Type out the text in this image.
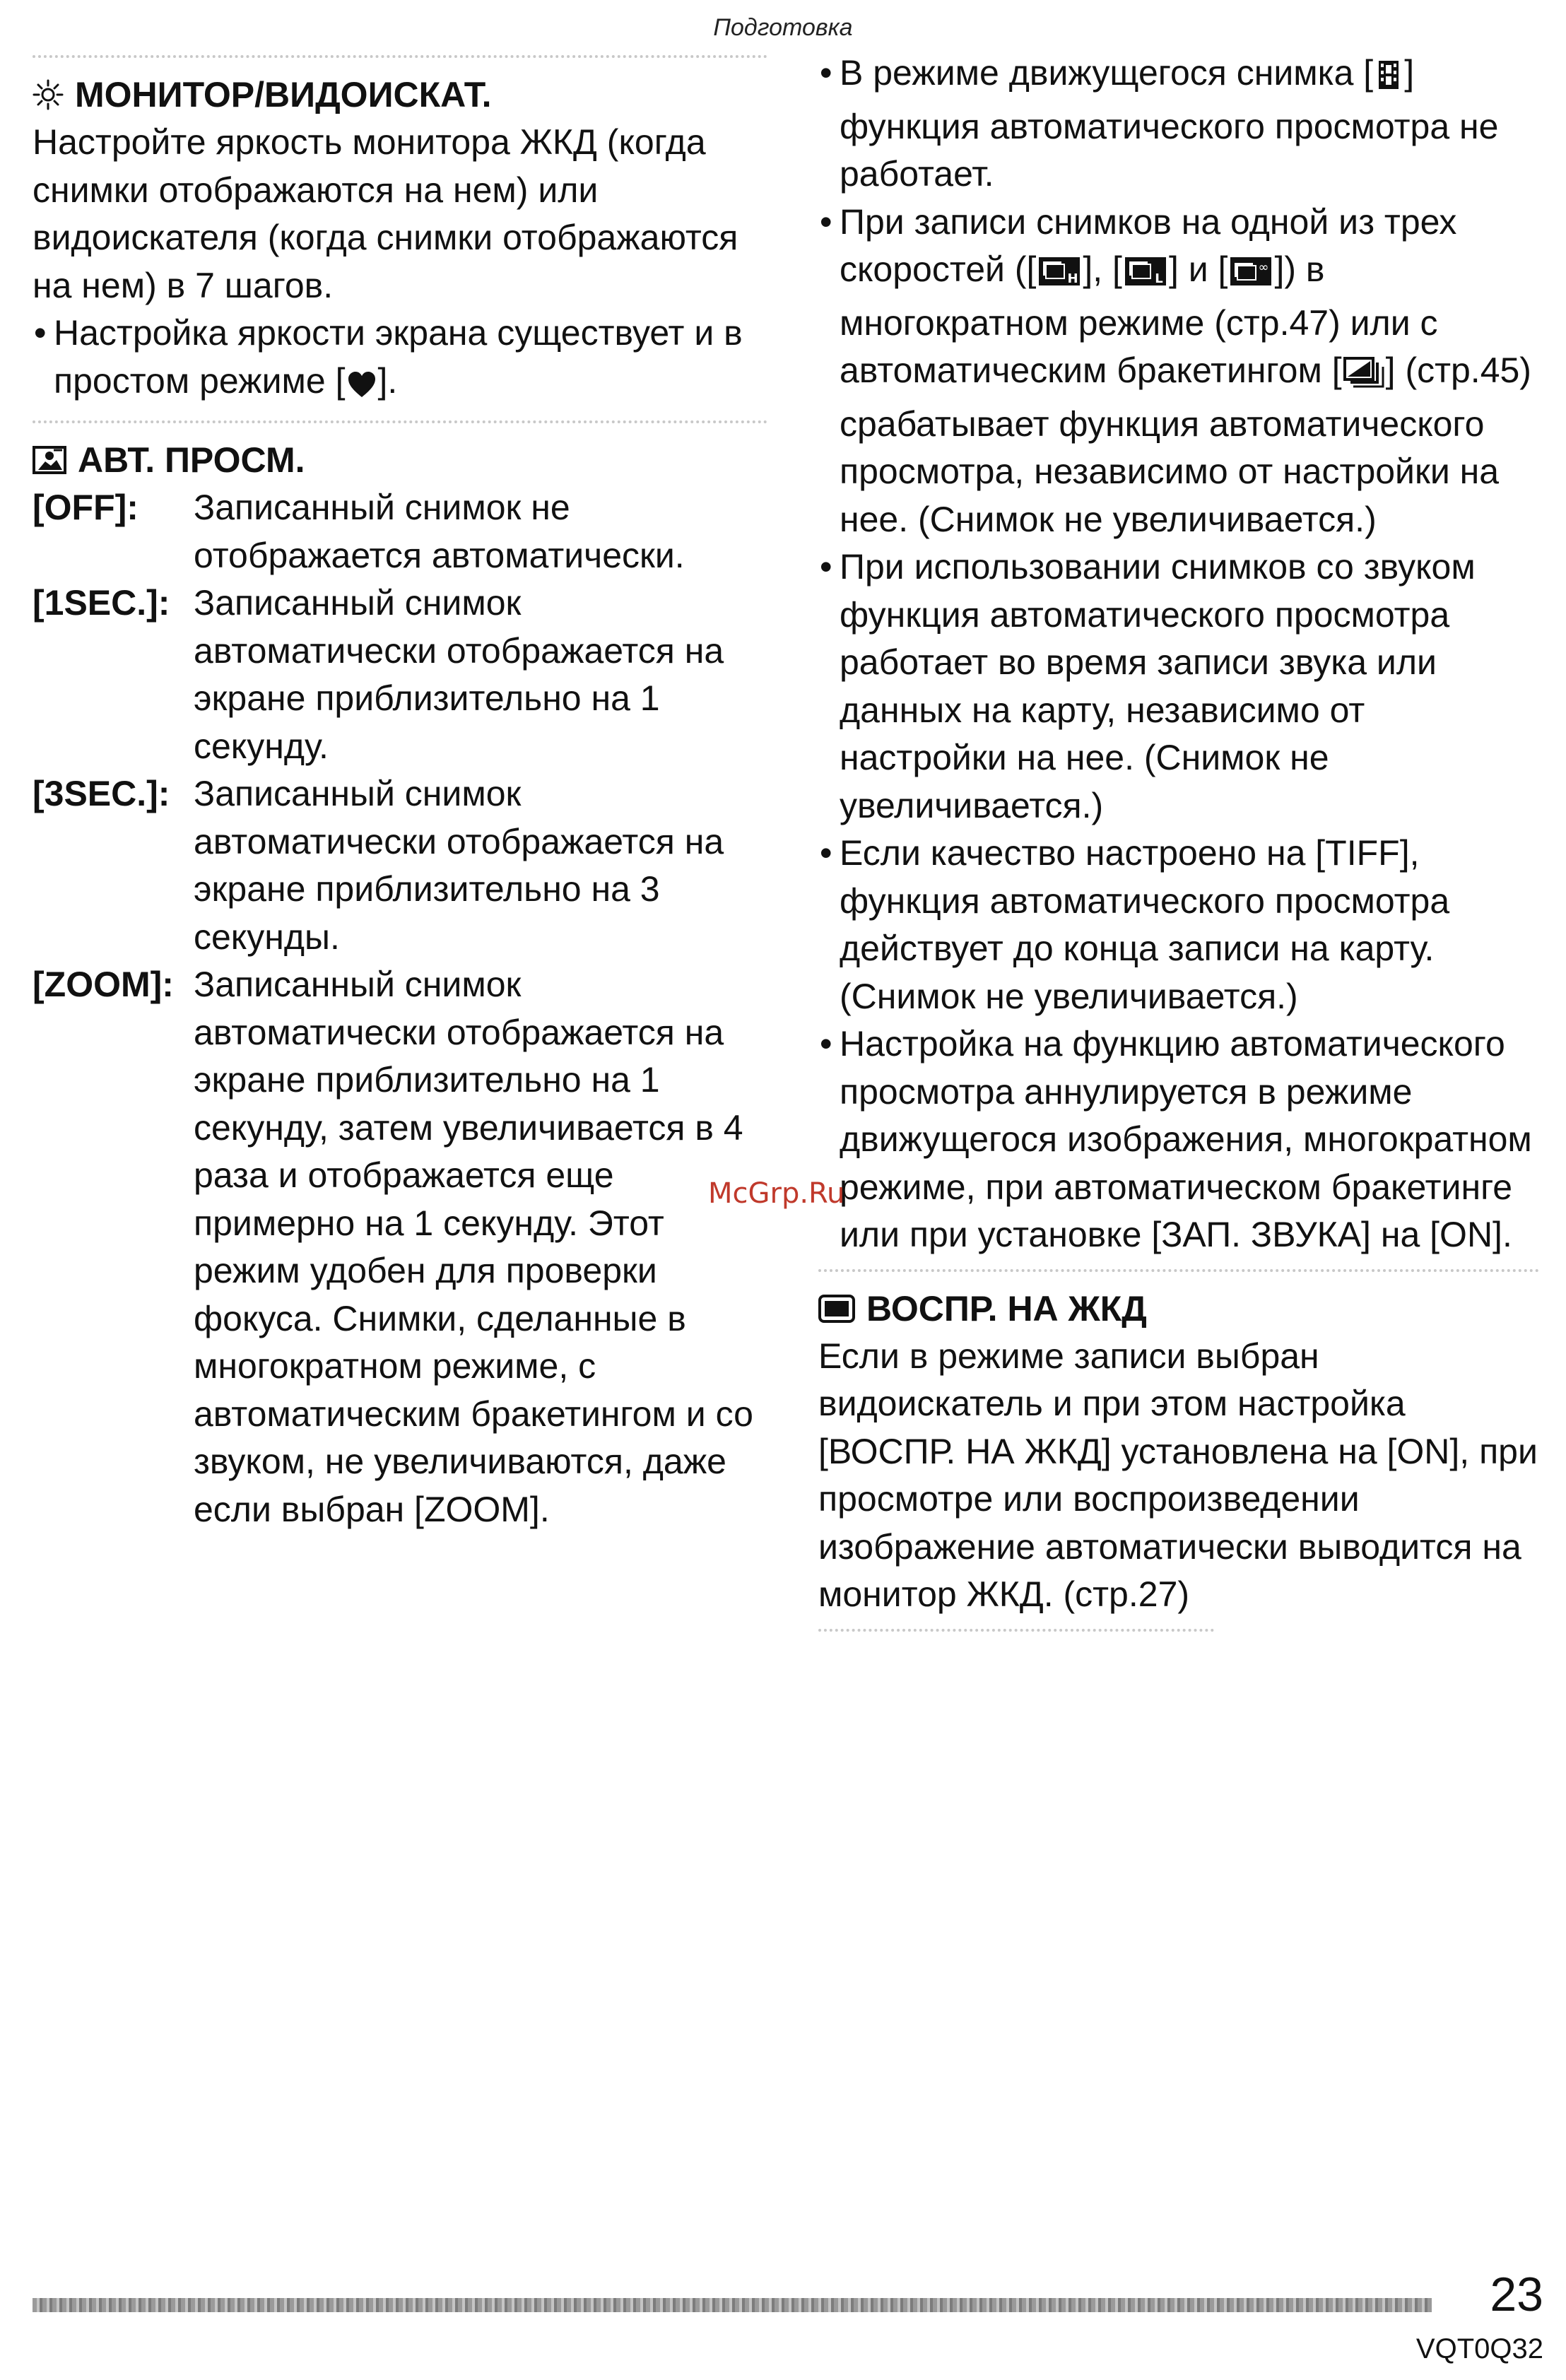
Подготовка
МОНИТОР/ВИДОИСКАТ.
Настройте яркость монитора ЖКД (когда снимки отображаются на нем) или видоискателя (когда снимки отображаются на нем) в 7 шагов.
• Настройка яркости экрана существует и в простом режиме [ ].
АВТ. ПРОСМ.
[OFF]:	Записанный снимок не отображается автоматически.
[1SEC.]: Записанный снимок автоматически отображается на экране приблизительно на 1 секунду.
[3SEC.]: Записанный снимок автоматически отображается на экране приблизительно на 3 секунды.
[ZOOM]: Записанный снимок автоматически отображается на экране приблизительно на 1 секунду, затем увеличивается в 4 раза и отображается еще примерно на 1 секунду. Этот режим удобен для проверки фокуса. Снимки, сделанные в многократном режиме, с автоматическим бракетингом и со звуком, не увеличиваются, даже если выбран [ZOOM].
• В режиме движущегося снимка [ ] функция автоматического просмотра не работает.
• При записи снимков на одной из трех скоростей ([ H ], [	L ] и [ ∞ ]) в многократном режиме (стр.47) или с автоматическим бракетингом [ ] (стр.45) срабатывает функция автоматического просмотра, независимо от настройки на нее. (Снимок не увеличивается.)
• При использовании снимков со звуком функция автоматического просмотра работает во время записи звука или данных на карту, независимо от настройки на нее. (Снимок не увеличивается.)
• Если качество настроено на [TIFF], функция автоматического просмотра действует до конца записи на карту. (Снимок не увеличивается.)
• Настройка на функцию автоматического просмотра аннулируется в режиме движущегося изображения, многократном режиме, при автоматическом бракетинге или при установке [ЗАП. ЗВУКА] на [ON].
ВОСПР. НА ЖКД
Если в режиме записи выбран видоискатель и при этом настройка [ВОСПР. НА ЖКД] установлена на [ON], при просмотре или воспроизведении изображение автоматически выводится на монитор ЖКД. (стр.27)
McGrp.Ru
23
VQT0Q32
